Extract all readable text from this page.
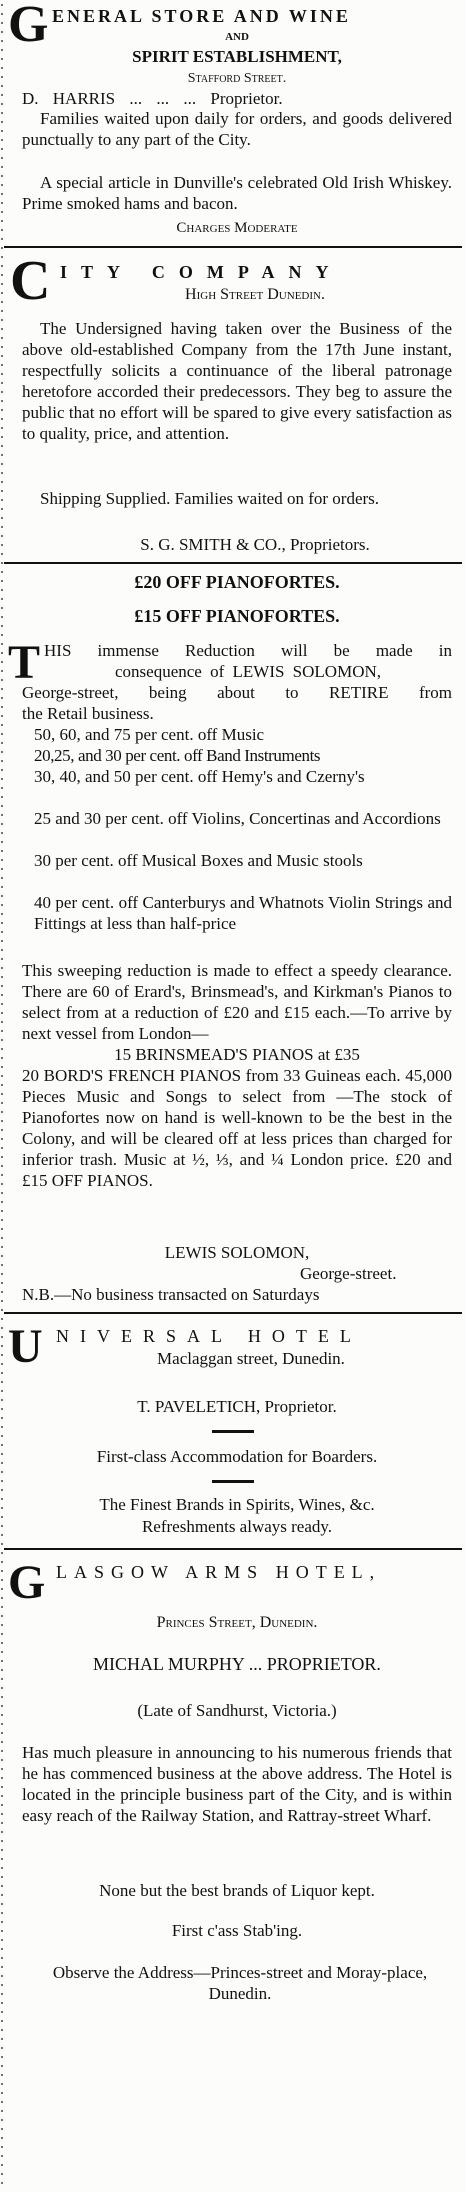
G ENERAL STORE AND WINE
AND
SPIRIT ESTABLISHMENT,
Stafford Street.
D. HARRIS ... ... ... Proprietor.
Families waited upon daily for orders, and goods delivered punctually to any part of the City.
A special article in Dunville's celebrated Old Irish Whiskey. Prime smoked hams and bacon.
Charges Moderate
C ITY COMPANY
High Street Dunedin.
The Undersigned having taken over the Business of the above old-established Company from the 17th June instant, respectfully solicits a continuance of the liberal patronage heretofore accorded their predecessors. They beg to assure the public that no effort will be spared to give every satisfaction as to quality, price, and attention.
Shipping Supplied. Families waited on for orders.
S. G. SMITH & CO., Proprietors.
£20 OFF PIANOFORTES.
£15 OFF PIANOFORTES.
T HIS immense Reduction will be made in
consequence of LEWIS SOLOMON,
George-street, being about to RETIRE from
the Retail business.
50, 60, and 75 per cent. off Music
20,25, and 30 per cent. off Band Instruments
30, 40, and 50 per cent. off Hemy's and Czerny's
25 and 30 per cent. off Violins, Concertinas and Accordions
30 per cent. off Musical Boxes and Music stools
40 per cent. off Canterburys and Whatnots Violin Strings and Fittings at less than half-price
This sweeping reduction is made to effect a speedy clearance. There are 60 of Erard's, Brinsmead's, and Kirkman's Pianos to select from at a reduction of £20 and £15 each.—To arrive by next vessel from London—
15 BRINSMEAD'S PIANOS at £35
20 BORD'S FRENCH PIANOS from 33 Guineas each. 45,000 Pieces Music and Songs to select from —The stock of Pianofortes now on hand is well-known to be the best in the Colony, and will be cleared off at less prices than charged for inferior trash. Music at ½, ⅓, and ¼ London price. £20 and £15 OFF PIANOS.
LEWIS SOLOMON,
George-street.
N.B.—No business transacted on Saturdays
U NIVERSAL HOTEL
Maclaggan street, Dunedin.
T. PAVELETICH, Proprietor.
First-class Accommodation for Boarders.
The Finest Brands in Spirits, Wines, &c.
Refreshments always ready.
G LASGOW ARMS HOTEL,
Princes Street, Dunedin.
MICHAL MURPHY ... PROPRIETOR.
(Late of Sandhurst, Victoria.)
Has much pleasure in announcing to his numerous friends that he has commenced business at the above address. The Hotel is located in the principle business part of the City, and is within easy reach of the Railway Station, and Rattray-street Wharf.
None but the best brands of Liquor kept.
First c'ass Stab'ing.
Observe the Address—Princes-street and Moray-place, Dunedin.
